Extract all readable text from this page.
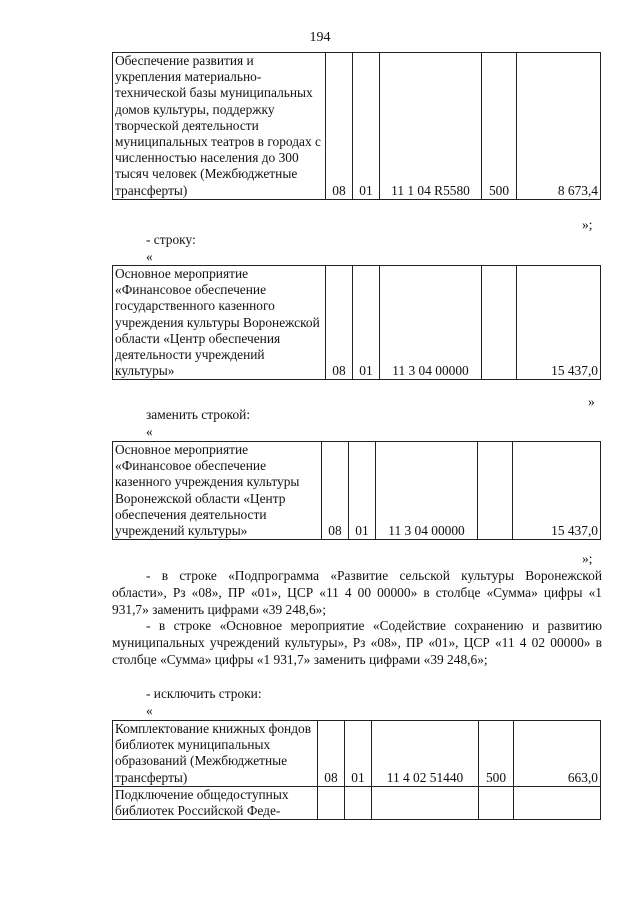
194
Обеспечение развития и укрепления материально-технической базы муниципальных домов культуры, поддержку творческой деятельности муниципальных театров в городах с численностью населения до 300 тысяч человек (Межбюджетные трансферты)	08	01	11 1 04 R5580	500	8 673,4
»;
- строку:
«
Основное мероприятие «Финансовое обеспечение государственного казенного учреждения культуры Воронежской области «Центр обеспечения деятельности учреждений культуры»	08	01	11 3 04 00000		15 437,0
»
заменить строкой:
«
Основное мероприятие «Финансовое обеспечение казенного учреждения культуры Воронежской области «Центр обеспечения деятельности учреждений культуры»	08	01	11 3 04 00000		15 437,0
»;
- в строке «Подпрограмма «Развитие сельской культуры Воронежской области», Рз «08», ПР «01», ЦСР «11 4 00 00000» в столбце «Сумма» цифры «1 931,7» заменить цифрами «39 248,6»;
- в строке «Основное мероприятие «Содействие сохранению и развитию муниципальных учреждений культуры», Рз «08», ПР «01», ЦСР «11 4 02 00000» в столбце «Сумма» цифры «1 931,7» заменить цифрами «39 248,6»;
- исключить строки:
«
Комплектование книжных фондов библиотек муниципальных образований (Межбюджетные трансферты)	08	01	11 4 02 51440	500	663,0
Подключение общедоступных библиотек Российской Феде-					
